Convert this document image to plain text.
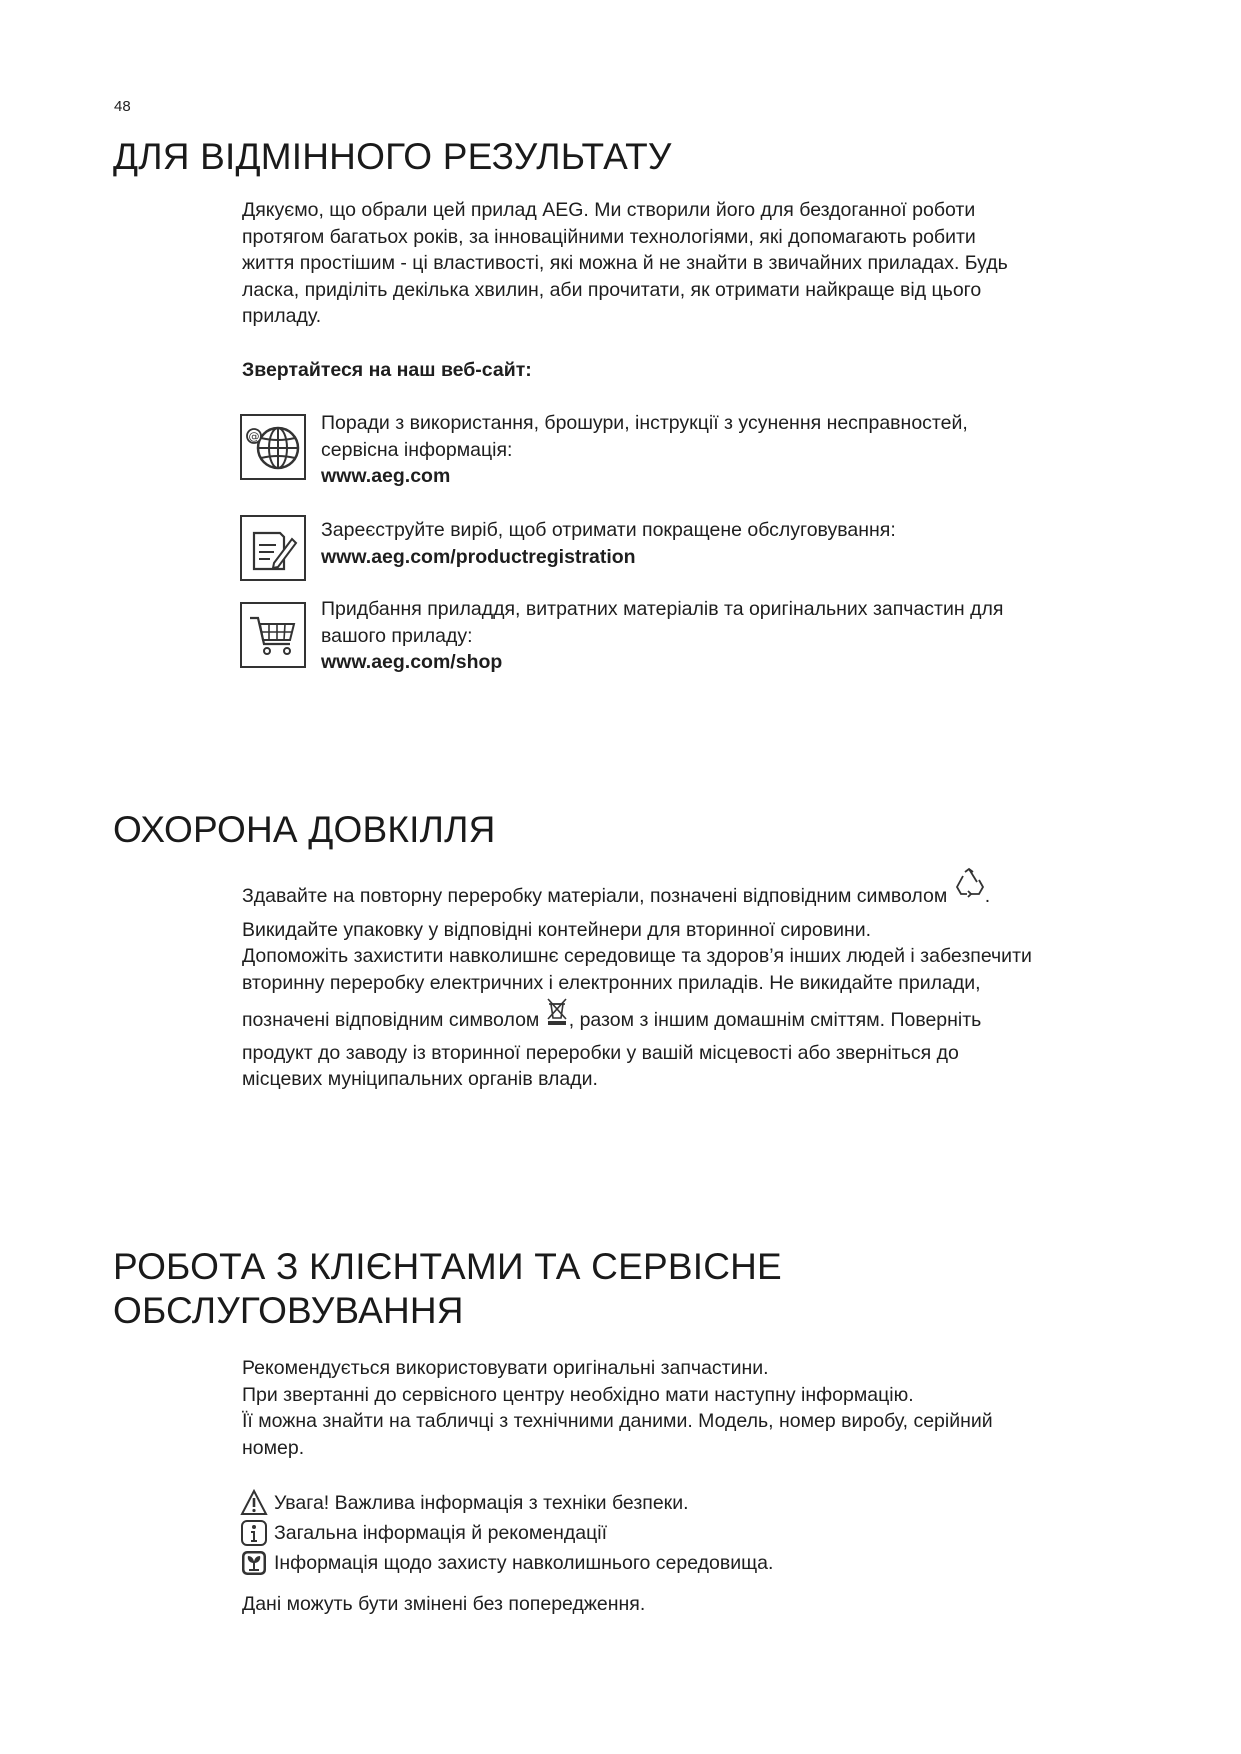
48
ДЛЯ ВІДМІННОГО РЕЗУЛЬТАТУ
Дякуємо, що обрали цей прилад AEG. Ми створили його для бездоганної роботи
протягом багатьох років, за інноваційними технологіями, які допомагають робити
життя простішим - ці властивості, які можна й не знайти в звичайних приладах. Будь
ласка, приділіть декілька хвилин, аби прочитати, як отримати найкраще від цього
приладу.
Звертайтеся на наш веб-сайт:
@
Поради з використання, брошури, інструкції з усунення несправностей,
сервісна інформація:
www.aeg.com
Зареєструйте виріб, щоб отримати покращене обслуговування:
www.aeg.com/productregistration
Придбання приладдя, витратних матеріалів та оригінальних запчастин для
вашого приладу:
www.aeg.com/shop
ОХОРОНА ДОВКІЛЛЯ
Здавайте на повторну переробку матеріали, позначені відповідним символом .
Викидайте упаковку у відповідні контейнери для вторинної сировини.
Допоможіть захистити навколишнє середовище та здоров’я інших людей і забезпечити
вторинну переробку електричних і електронних приладів. Не викидайте прилади,
позначені відповідним символом , разом з іншим домашнім сміттям. Поверніть
продукт до заводу із вторинної переробки у вашій місцевості або зверніться до
місцевих муніципальних органів влади.
РОБОТА З КЛІЄНТАМИ ТА СЕРВІСНЕ
ОБСЛУГОВУВАННЯ
Рекомендується використовувати оригінальні запчастини.
При звертанні до сервісного центру необхідно мати наступну інформацію.
Її можна знайти на табличці з технічними даними. Модель, номер виробу, серійний
номер.
Увага! Важлива інформація з техніки безпеки.
Загальна інформація й рекомендації
Інформація щодо захисту навколишнього середовища.
Дані можуть бути змінені без попередження.
